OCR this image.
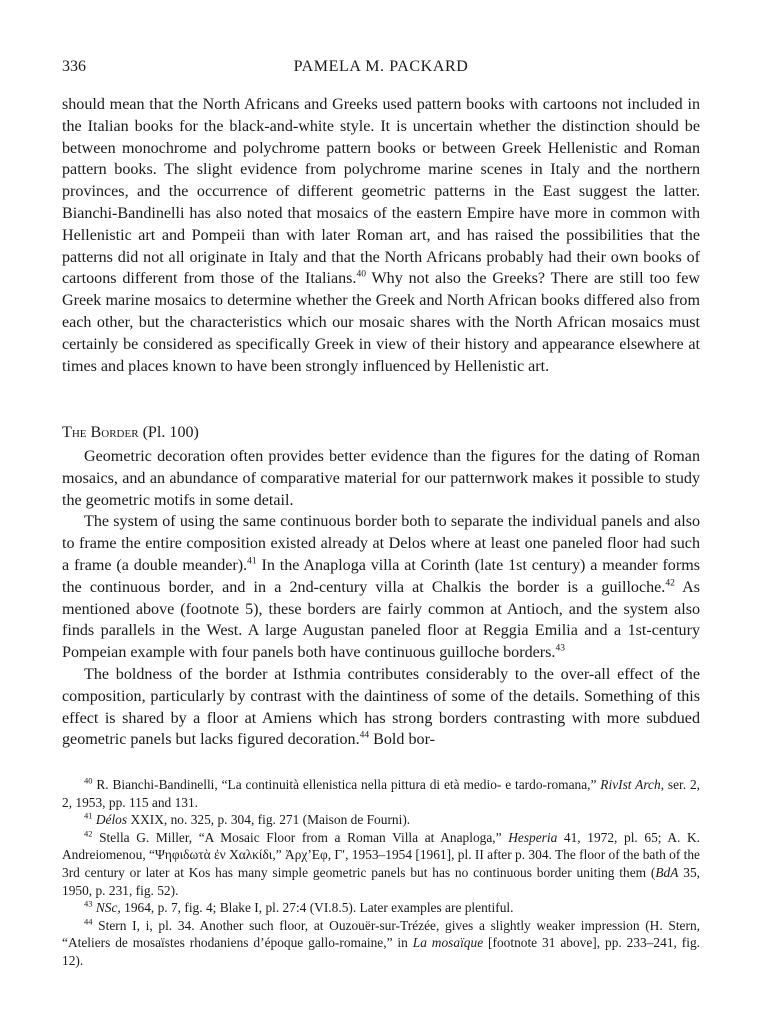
336	PAMELA M. PACKARD

should mean that the North Africans and Greeks used pattern books with cartoons not included in the Italian books for the black-and-white style. It is uncertain whether the distinction should be between monochrome and polychrome pattern books or between Greek Hellenistic and Roman pattern books. The slight evidence from polychrome marine scenes in Italy and the northern provinces, and the occurrence of different geometric patterns in the East suggest the latter. Bianchi-Bandinelli has also noted that mosaics of the eastern Empire have more in common with Hellenistic art and Pompeii than with later Roman art, and has raised the possibilities that the patterns did not all originate in Italy and that the North Africans probably had their own books of cartoons different from those of the Italians.$^{40}$ Why not also the Greeks? There are still too few Greek marine mosaics to determine whether the Greek and North African books differed also from each other, but the characteristics which our mosaic shares with the North African mosaics must certainly be considered as specifically Greek in view of their history and appearance elsewhere at times and places known to have been strongly influenced by Hellenistic art.

The Border (Pl. 100)

Geometric decoration often provides better evidence than the figures for the dating of Roman mosaics, and an abundance of comparative material for our patternwork makes it possible to study the geometric motifs in some detail.

The system of using the same continuous border both to separate the individual panels and also to frame the entire composition existed already at Delos where at least one paneled floor had such a frame (a double meander).$^{41}$ In the Anaploga villa at Corinth (late 1st century) a meander forms the continuous border, and in a 2nd-century villa at Chalkis the border is a guilloche.$^{42}$ As mentioned above (footnote 5), these borders are fairly common at Antioch, and the system also finds parallels in the West. A large Augustan paneled floor at Reggia Emilia and a 1st-century Pompeian example with four panels both have continuous guilloche borders.$^{43}$

The boldness of the border at Isthmia contributes considerably to the over-all effect of the composition, particularly by contrast with the daintiness of some of the details. Something of this effect is shared by a floor at Amiens which has strong borders contrasting with more subdued geometric panels but lacks figured decoration.$^{44}$ Bold bor-

$^{40}$ R. Bianchi-Bandinelli, “La continuità ellenistica nella pittura di età medio- e tardo-romana,” RivIst Arch, ser. 2, 2, 1953, pp. 115 and 131.

$^{41}$ Délos XXIX, no. 325, p. 304, fig. 271 (Maison de Fourni).

$^{42}$ Stella G. Miller, “A Mosaic Floor from a Roman Villa at Anaploga,” Hesperia 41, 1972, pl. 65; A. K. Andreiomenou, “Ψηφιδωτὰ ἐν Χαλκίδι,” Ἀρχ’Εφ, Γ′, 1953–1954 [1961], pl. II after p. 304. The floor of the bath of the 3rd century or later at Kos has many simple geometric panels but has no continuous border uniting them (BdA 35, 1950, p. 231, fig. 52).

$^{43}$ NSc, 1964, p. 7, fig. 4; Blake I, pl. 27:4 (VI.8.5). Later examples are plentiful.

$^{44}$ Stern I, i, pl. 34. Another such floor, at Ouzouër-sur-Trézée, gives a slightly weaker impression (H. Stern, “Ateliers de mosaïstes rhodaniens d’époque gallo-romaine,” in La mosaïque [footnote 31 above], pp. 233–241, fig. 12).
